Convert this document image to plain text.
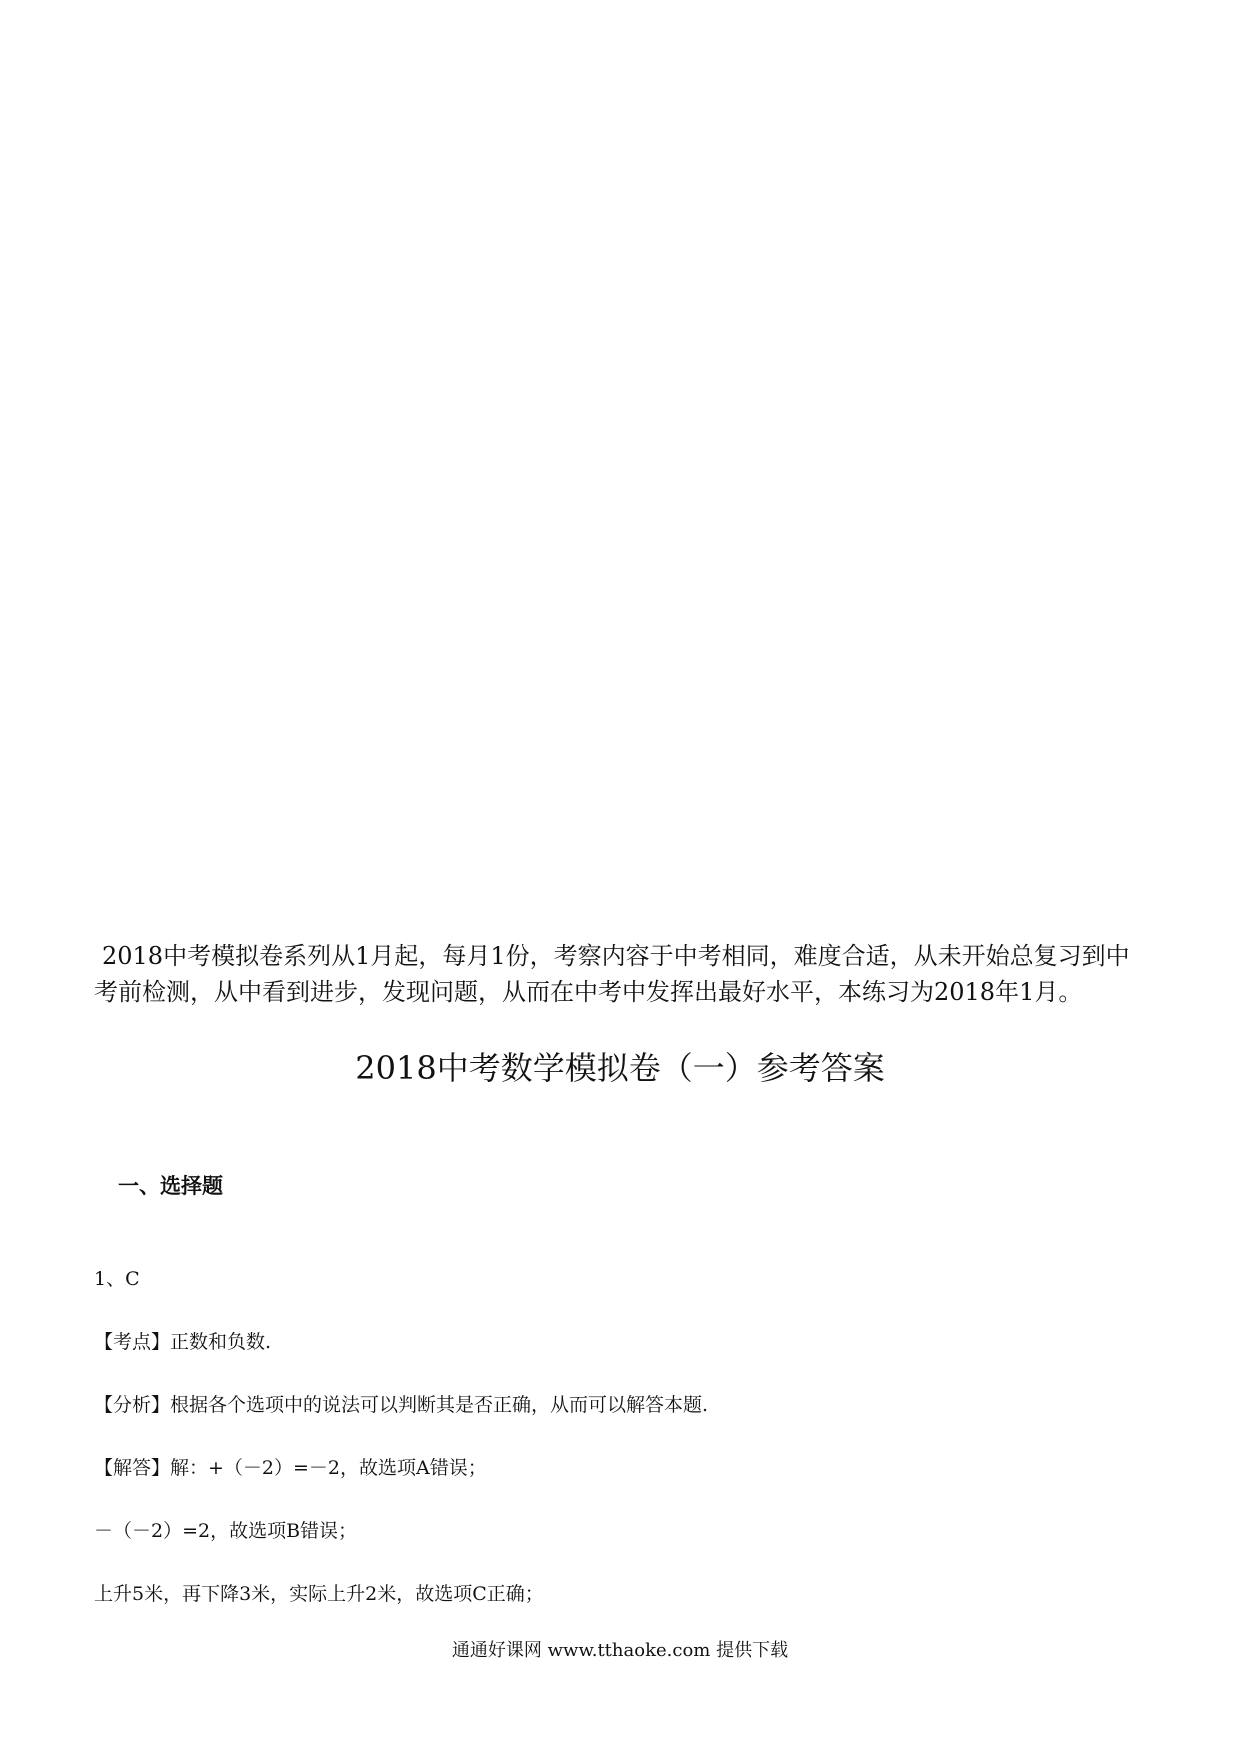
2018中考模拟卷系列从1月起，每月1份，考察内容于中考相同，难度合适，从未开始总复习到中考前检测，从中看到进步，发现问题，从而在中考中发挥出最好水平，本练习为2018年1月。
2018中考数学模拟卷（一）参考答案
一、选择题
1、C
【考点】正数和负数.
【分析】根据各个选项中的说法可以判断其是否正确，从而可以解答本题.
【解答】解：+（－2）=－2，故选项A错误；
－（－2）=2，故选项B错误；
上升5米，再下降3米，实际上升2米，故选项C正确；
通通好课网 www.tthaoke.com 提供下载
